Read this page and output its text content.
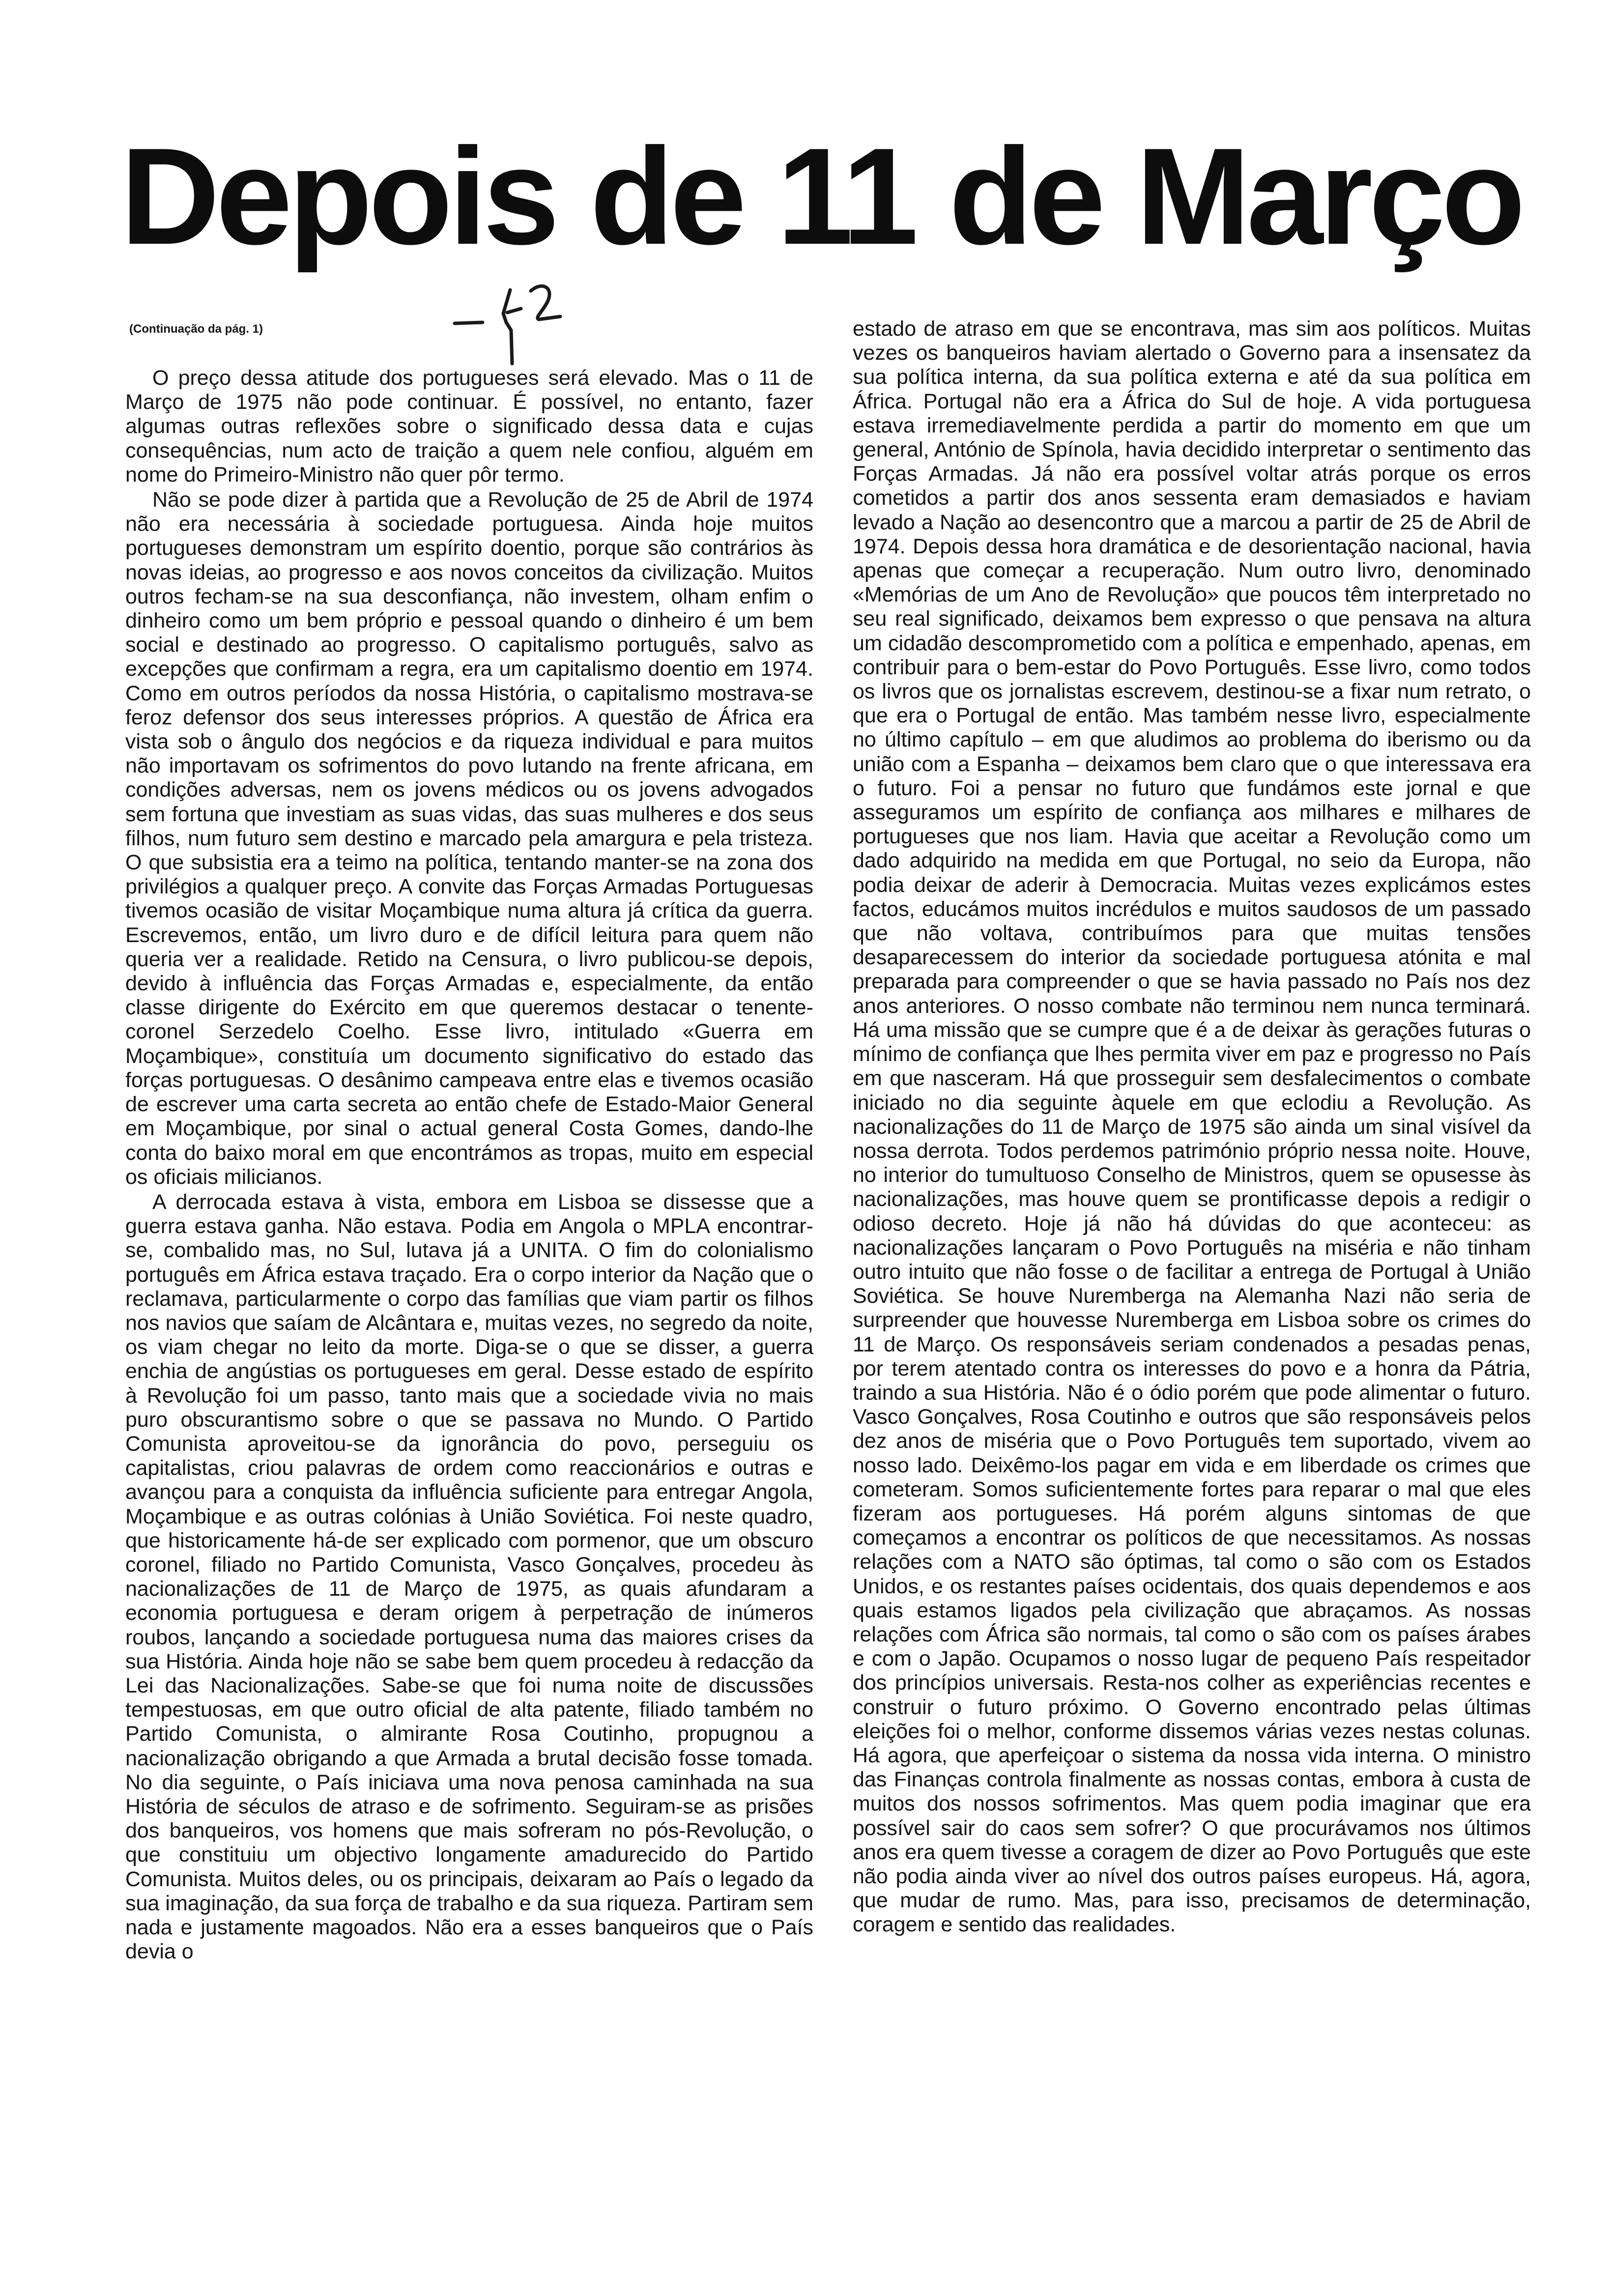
Depois de 11 de Março
(Continuação da pág. 1)

O preço dessa atitude dos portugueses será elevado. Mas o 11 de Março de 1975 não pode continuar. É possível, no entanto, fazer algumas outras reflexões sobre o significado dessa data e cujas consequências, num acto de traição a quem nele confiou, alguém em nome do Primeiro-Ministro não quer pôr termo.

Não se pode dizer à partida que a Revolução de 25 de Abril de 1974 não era necessária à sociedade portuguesa. Ainda hoje muitos portugueses demonstram um espírito doentio, porque são contrários às novas ideias, ao progresso e aos novos conceitos da civilização. Muitos outros fecham-se na sua desconfiança, não investem, olham enfim o dinheiro como um bem próprio e pessoal quando o dinheiro é um bem social e destinado ao progresso. O capitalismo português, salvo as excepções que confirmam a regra, era um capitalismo doentio em 1974. Como em outros períodos da nossa História, o capitalismo mostrava-se feroz defensor dos seus interesses próprios. A questão de África era vista sob o ângulo dos negócios e da riqueza individual e para muitos não importavam os sofrimentos do povo lutando na frente africana, em condições adversas, nem os jovens médicos ou os jovens advogados sem fortuna que investiam as suas vidas, das suas mulheres e dos seus filhos, num futuro sem destino e marcado pela amargura e pela tristeza. O que subsistia era a teimo na política, tentando manter-se na zona dos privilégios a qualquer preço. A convite das Forças Armadas Portuguesas tivemos ocasião de visitar Moçambique numa altura já crítica da guerra. Escrevemos, então, um livro duro e de difícil leitura para quem não queria ver a realidade. Retido na Censura, o livro publicou-se depois, devido à influência das Forças Armadas e, especialmente, da então classe dirigente do Exército em que queremos destacar o tenente-coronel Serzedelo Coelho. Esse livro, intitulado «Guerra em Moçambique», constituía um documento significativo do estado das forças portuguesas. O desânimo campeava entre elas e tivemos ocasião de escrever uma carta secreta ao então chefe de Estado-Maior General em Moçambique, por sinal o actual general Costa Gomes, dando-lhe conta do baixo moral em que encontrámos as tropas, muito em especial os oficiais milicianos.

A derrocada estava à vista, embora em Lisboa se dissesse que a guerra estava ganha. Não estava. Podia em Angola o MPLA encontrar-se, combalido mas, no Sul, lutava já a UNITA. O fim do colonialismo português em África estava traçado. Era o corpo interior da Nação que o reclamava, particularmente o corpo das famílias que viam partir os filhos nos navios que saíam de Alcântara e, muitas vezes, no segredo da noite, os viam chegar no leito da morte. Diga-se o que se disser, a guerra enchia de angústias os portugueses em geral. Desse estado de espírito à Revolução foi um passo, tanto mais que a sociedade vivia no mais puro obscurantismo sobre o que se passava no Mundo. O Partido Comunista aproveitou-se da ignorância do povo, perseguiu os capitalistas, criou palavras de ordem como reaccionários e outras e avançou para a conquista da influência suficiente para entregar Angola, Moçambique e as outras colónias à União Soviética. Foi neste quadro, que historicamente há-de ser explicado com pormenor, que um obscuro coronel, filiado no Partido Comunista, Vasco Gonçalves, procedeu às nacionalizações de 11 de Março de 1975, as quais afundaram a economia portuguesa e deram origem à perpetração de inúmeros roubos, lançando a sociedade portuguesa numa das maiores crises da sua História. Ainda hoje não se sabe bem quem procedeu à redacção da Lei das Nacionalizações. Sabe-se que foi numa noite de discussões tempestuosas, em que outro oficial de alta patente, filiado também no Partido Comunista, o almirante Rosa Coutinho, propugnou a nacionalização obrigando a que Armada a brutal decisão fosse tomada. No dia seguinte, o País iniciava uma nova penosa caminhada na sua História de séculos de atraso e de sofrimento. Seguiram-se as prisões dos banqueiros, vos homens que mais sofreram no pós-Revolução, o que constituiu um objectivo longamente amadurecido do Partido Comunista. Muitos deles, ou os principais, deixaram ao País o legado da sua imaginação, da sua força de trabalho e da sua riqueza. Partiram sem nada e justamente magoados. Não era a esses banqueiros que o País devia o

estado de atraso em que se encontrava, mas sim aos políticos. Muitas vezes os banqueiros haviam alertado o Governo para a insensatez da sua política interna, da sua política externa e até da sua política em África. Portugal não era a África do Sul de hoje. A vida portuguesa estava irremediavelmente perdida a partir do momento em que um general, António de Spínola, havia decidido interpretar o sentimento das Forças Armadas. Já não era possível voltar atrás porque os erros cometidos a partir dos anos sessenta eram demasiados e haviam levado a Nação ao desencontro que a marcou a partir de 25 de Abril de 1974. Depois dessa hora dramática e de desorientação nacional, havia apenas que começar a recuperação. Num outro livro, denominado «Memórias de um Ano de Revolução» que poucos têm interpretado no seu real significado, deixamos bem expresso o que pensava na altura um cidadão descomprometido com a política e empenhado, apenas, em contribuir para o bem-estar do Povo Português. Esse livro, como todos os livros que os jornalistas escrevem, destinou-se a fixar num retrato, o que era o Portugal de então. Mas também nesse livro, especialmente no último capítulo – em que aludimos ao problema do iberismo ou da união com a Espanha – deixamos bem claro que o que interessava era o futuro. Foi a pensar no futuro que fundámos este jornal e que asseguramos um espírito de confiança aos milhares e milhares de portugueses que nos liam. Havia que aceitar a Revolução como um dado adquirido na medida em que Portugal, no seio da Europa, não podia deixar de aderir à Democracia. Muitas vezes explicámos estes factos, educámos muitos incrédulos e muitos saudosos de um passado que não voltava, contribuímos para que muitas tensões desaparecessem do interior da sociedade portuguesa atónita e mal preparada para compreender o que se havia passado no País nos dez anos anteriores. O nosso combate não terminou nem nunca terminará. Há uma missão que se cumpre que é a de deixar às gerações futuras o mínimo de confiança que lhes permita viver em paz e progresso no País em que nasceram. Há que prosseguir sem desfalecimentos o combate iniciado no dia seguinte àquele em que eclodiu a Revolução. As nacionalizações do 11 de Março de 1975 são ainda um sinal visível da nossa derrota. Todos perdemos património próprio nessa noite. Houve, no interior do tumultuoso Conselho de Ministros, quem se opusesse às nacionalizações, mas houve quem se prontificasse depois a redigir o odioso decreto. Hoje já não há dúvidas do que aconteceu: as nacionalizações lançaram o Povo Português na miséria e não tinham outro intuito que não fosse o de facilitar a entrega de Portugal à União Soviética. Se houve Nuremberga na Alemanha Nazi não seria de surpreender que houvesse Nuremberga em Lisboa sobre os crimes do 11 de Março. Os responsáveis seriam condenados a pesadas penas, por terem atentado contra os interesses do povo e a honra da Pátria, traindo a sua História. Não é o ódio porém que pode alimentar o futuro. Vasco Gonçalves, Rosa Coutinho e outros que são responsáveis pelos dez anos de miséria que o Povo Português tem suportado, vivem ao nosso lado. Deixêmo-los pagar em vida e em liberdade os crimes que cometeram. Somos suficientemente fortes para reparar o mal que eles fizeram aos portugueses. Há porém alguns sintomas de que começamos a encontrar os políticos de que necessitamos. As nossas relações com a NATO são óptimas, tal como o são com os Estados Unidos, e os restantes países ocidentais, dos quais dependemos e aos quais estamos ligados pela civilização que abraçamos. As nossas relações com África são normais, tal como o são com os países árabes e com o Japão. Ocupamos o nosso lugar de pequeno País respeitador dos princípios universais. Resta-nos colher as experiências recentes e construir o futuro próximo. O Governo encontrado pelas últimas eleições foi o melhor, conforme dissemos várias vezes nestas colunas. Há agora, que aperfeiçoar o sistema da nossa vida interna. O ministro das Finanças controla finalmente as nossas contas, embora à custa de muitos dos nossos sofrimentos. Mas quem podia imaginar que era possível sair do caos sem sofrer? O que procurávamos nos últimos anos era quem tivesse a coragem de dizer ao Povo Português que este não podia ainda viver ao nível dos outros países europeus. Há, agora, que mudar de rumo. Mas, para isso, precisamos de determinação, coragem e sentido das realidades.
